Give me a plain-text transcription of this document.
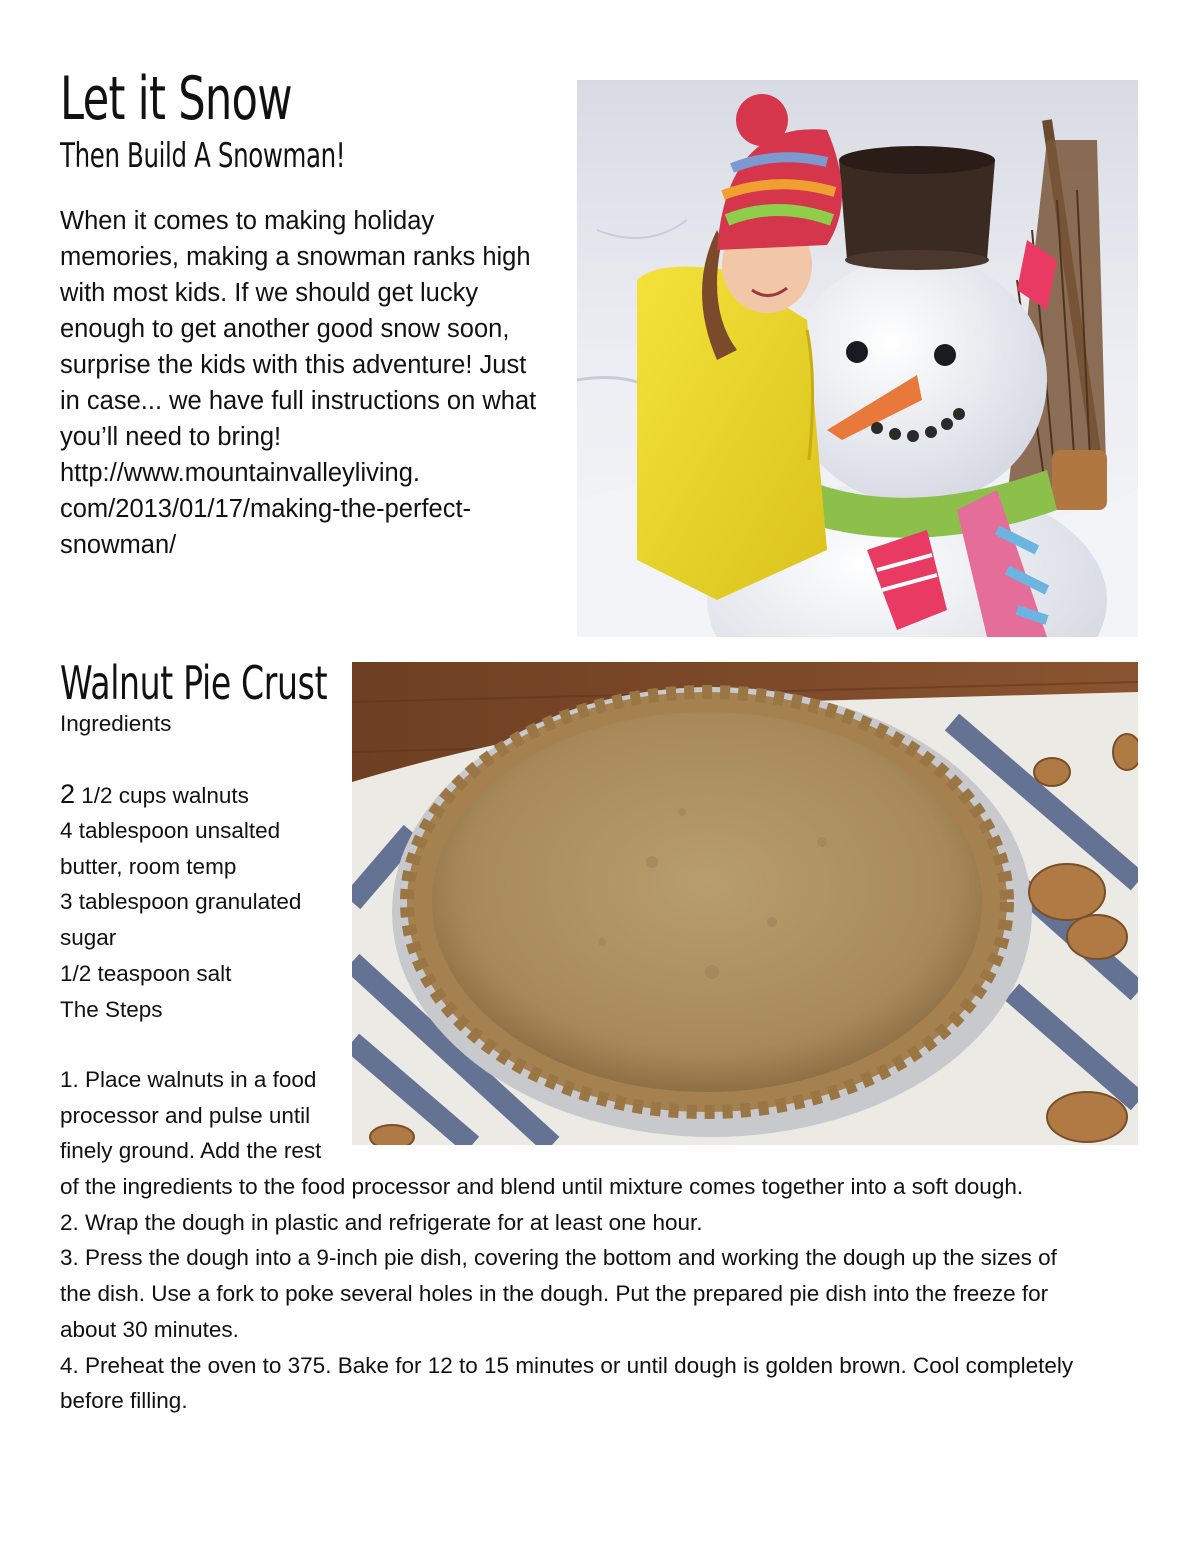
Let it Snow
Then Build A Snowman!

When it comes to making holiday

memories, making a snowman ranks high

with most kids. If we should get lucky

enough to get another good snow soon,

surprise the kids with this adventure! Just

in case... we have full instructions on what

you’ll need to bring!

http://www.mountainvalleyliving.

com/2013/01/17/making-the-perfect-

snowman/

Walnut Pie Crust

Ingredients

2 1/2 cups walnuts

4 tablespoon unsalted

butter, room temp

3 tablespoon granulated

sugar

1/2 teaspoon salt

The Steps

1. Place walnuts in a food

processor and pulse until

finely ground. Add the rest

of the ingredients to the food processor and blend until mixture comes together into a soft dough.

2. Wrap the dough in plastic and refrigerate for at least one hour.

3. Press the dough into a 9-inch pie dish, covering the bottom and working the dough up the sizes of

the dish. Use a fork to poke several holes in the dough. Put the prepared pie dish into the freeze for

about 30 minutes.

4. Preheat the oven to 375. Bake for 12 to 15 minutes or until dough is golden brown. Cool completely

before filling.
